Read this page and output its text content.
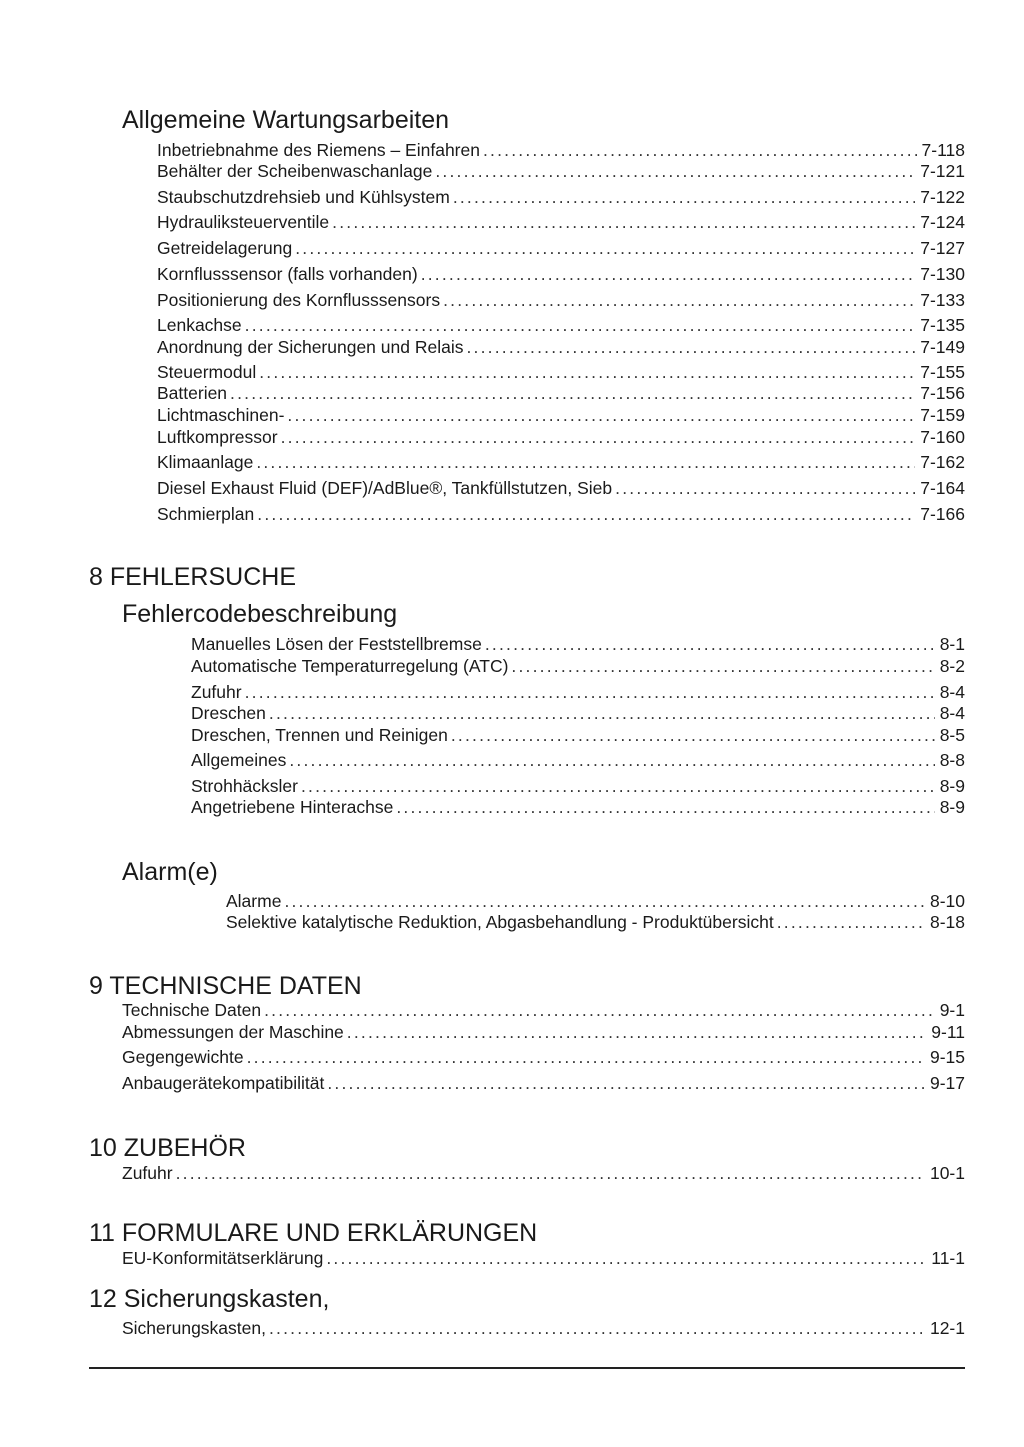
Allgemeine Wartungsarbeiten
Inbetriebnahme des Riemens – Einfahren .....	7-118
Behälter der Scheibenwaschanlage .....	7-121
Staubschutzdrehsieb und Kühlsystem .....	7-122
Hydrauliksteuerventile .....	7-124
Getreidelagerung .....	7-127
Kornflusssensor (falls vorhanden) .....	7-130
Positionierung des Kornflusssensors .....	7-133
Lenkachse .....	7-135
Anordnung der Sicherungen und Relais .....	7-149
Steuermodul .....	7-155
Batterien .....	7-156
Lichtmaschinen- .....	7-159
Luftkompressor .....	7-160
Klimaanlage .....	7-162
Diesel Exhaust Fluid (DEF)/AdBlue®, Tankfüllstutzen, Sieb .....	7-164
Schmierplan .....	7-166
8 FEHLERSUCHE
Fehlercodebeschreibung
Manuelles Lösen der Feststellbremse .....	8-1
Automatische Temperaturregelung (ATC) .....	8-2
Zufuhr .....	8-4
Dreschen .....	8-4
Dreschen, Trennen und Reinigen .....	8-5
Allgemeines .....	8-8
Strohhäcksler .....	8-9
Angetriebene Hinterachse .....	8-9
Alarm(e)
Alarme .....	8-10
Selektive katalytische Reduktion, Abgasbehandlung - Produktübersicht .....	8-18
9 TECHNISCHE DATEN
Technische Daten .....	9-1
Abmessungen der Maschine .....	9-11
Gegengewichte .....	9-15
Anbaugerätekompatibilität .....	9-17
10 ZUBEHÖR
Zufuhr .....	10-1
11 FORMULARE UND ERKLÄRUNGEN
EU-Konformitätserklärung .....	11-1
12 Sicherungskasten,
Sicherungskasten, .....	12-1
